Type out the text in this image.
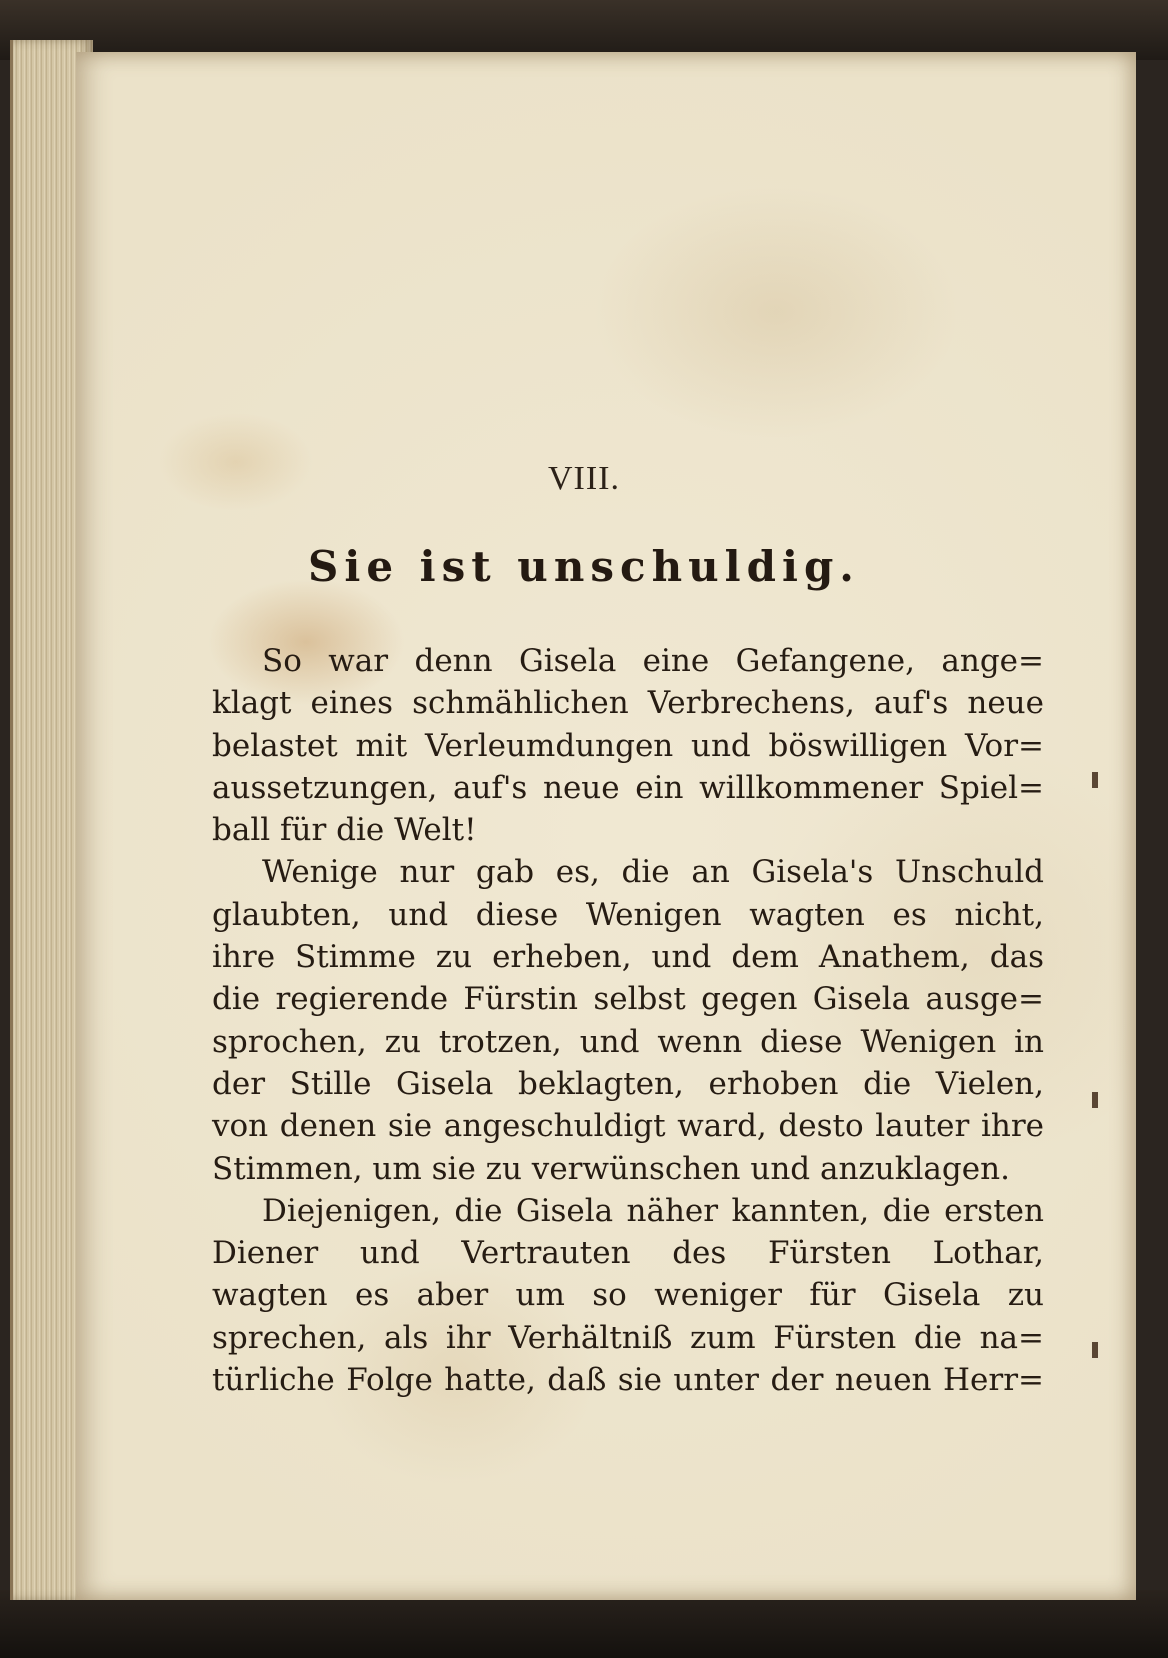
VIII.
Sie ist unschuldig.
So war denn Gisela eine Gefangene, ange=
klagt eines schmählichen Verbrechens, auf's neue
belastet mit Verleumdungen und böswilligen Vor=
aussetzungen, auf's neue ein willkommener Spiel=
ball für die Welt!
Wenige nur gab es, die an Gisela's Unschuld
glaubten, und diese Wenigen wagten es nicht,
ihre Stimme zu erheben, und dem Anathem, das
die regierende Fürstin selbst gegen Gisela ausge=
sprochen, zu trotzen, und wenn diese Wenigen in
der Stille Gisela beklagten, erhoben die Vielen,
von denen sie angeschuldigt ward, desto lauter ihre
Stimmen, um sie zu verwünschen und anzuklagen.
Diejenigen, die Gisela näher kannten, die ersten
Diener und Vertrauten des Fürsten Lothar,
wagten es aber um so weniger für Gisela zu
sprechen, als ihr Verhältniß zum Fürsten die na=
türliche Folge hatte, daß sie unter der neuen Herr=
